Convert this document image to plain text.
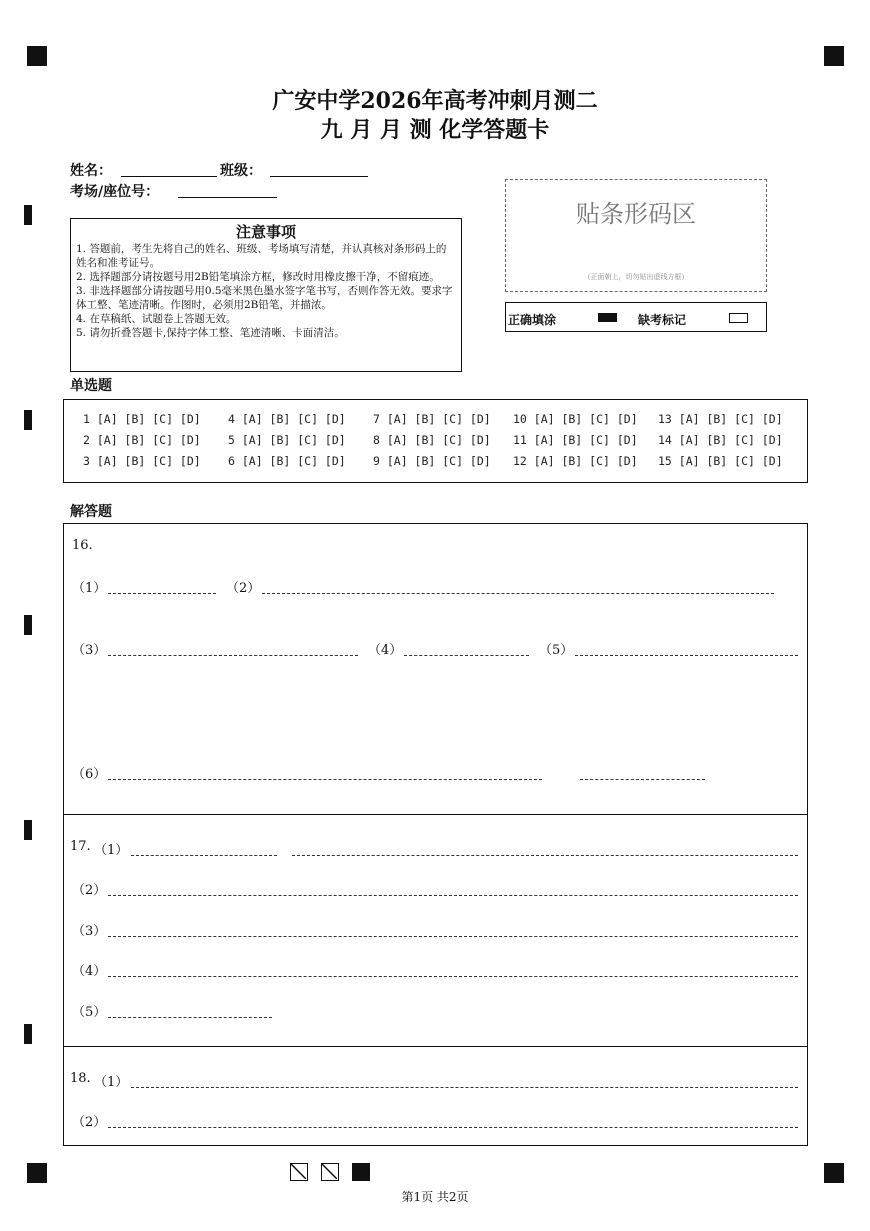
广安中学2026年高考冲刺月测二
九 月 月 测 化学答题卡
姓名：	班级：
考场/座位号：
注意事项

1. 答题前，考生先将自己的姓名、班级、考场填写清楚，并认真核对条形码上的姓名和准考证号。

2. 选择题部分请按题号用2B铅笔填涂方框，修改时用橡皮擦干净，不留痕迹。

3. 非选择题部分请按题号用0.5毫米黑色墨水签字笔书写，否则作答无效。要求字体工整、笔迹清晰。作图时，必须用2B铅笔，并描浓。

4. 在草稿纸、试题卷上答题无效。

5. 请勿折叠答题卡,保持字体工整、笔迹清晰、卡面清洁。

贴条形码区
（正面朝上，切勿贴出虚线方框）
正确填涂	缺考标记
单选题
1 [A] [B] [C] [D] 4 [A] [B] [C] [D] 7 [A] [B] [C] [D] 10 [A] [B] [C] [D] 13 [A] [B] [C] [D]
2 [A] [B] [C] [D] 5 [A] [B] [C] [D] 8 [A] [B] [C] [D] 11 [A] [B] [C] [D] 14 [A] [B] [C] [D]
3 [A] [B] [C] [D] 6 [A] [B] [C] [D] 9 [A] [B] [C] [D] 12 [A] [B] [C] [D] 15 [A] [B] [C] [D]
解答题
16.
（1）	（2）
（3）	（4）	（5）
（6）
17. （1）
（2）
（3）
（4）
（5）
18. （1）
（2）
第1页 共2页
